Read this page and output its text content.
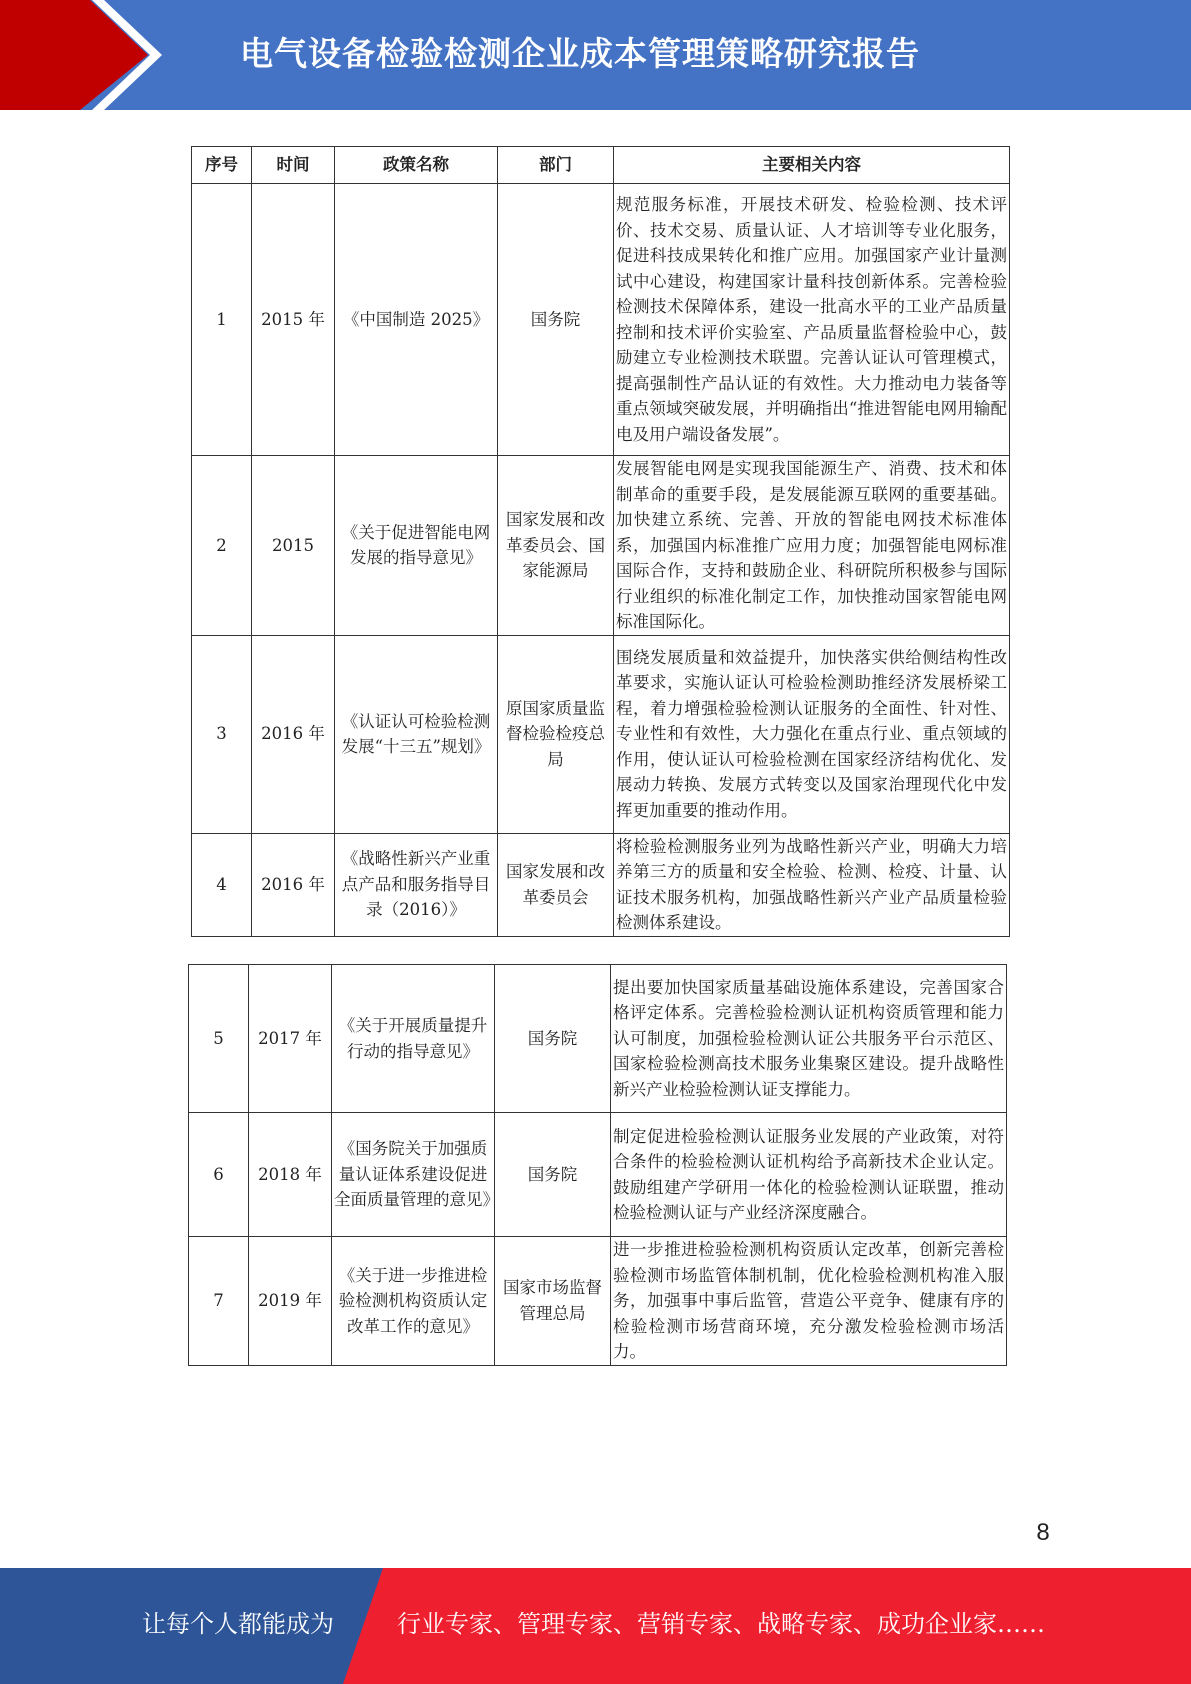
电气设备检验检测企业成本管理策略研究报告
序号	时间	政策名称	部门	主要相关内容
1	2015 年	《中国制造 2025》	国务院	规范服务标准，开展技术研发、检验检测、技术评价、技术交易、质量认证、人才培训等专业化服务，促进科技成果转化和推广应用。加强国家产业计量测试中心建设，构建国家计量科技创新体系。完善检验检测技术保障体系，建设一批高水平的工业产品质量控制和技术评价实验室、产品质量监督检验中心，鼓励建立专业检测技术联盟。完善认证认可管理模式，提高强制性产品认证的有效性。大力推动电力装备等重点领域突破发展，并明确指出“推进智能电网用输配电及用户端设备发展”。
2	2015	《关于促进智能电网发展的指导意见》	国家发展和改革委员会、国家能源局	发展智能电网是实现我国能源生产、消费、技术和体制革命的重要手段，是发展能源互联网的重要基础。加快建立系统、完善、开放的智能电网技术标准体系，加强国内标准推广应用力度；加强智能电网标准国际合作，支持和鼓励企业、科研院所积极参与国际行业组织的标准化制定工作，加快推动国家智能电网标准国际化。
3	2016 年	《认证认可检验检测发展“十三五”规划》	原国家质量监督检验检疫总局	围绕发展质量和效益提升，加快落实供给侧结构性改革要求，实施认证认可检验检测助推经济发展桥梁工程，着力增强检验检测认证服务的全面性、针对性、专业性和有效性，大力强化在重点行业、重点领域的作用，使认证认可检验检测在国家经济结构优化、发展动力转换、发展方式转变以及国家治理现代化中发挥更加重要的推动作用。
4	2016 年	《战略性新兴产业重点产品和服务指导目录（2016）》	国家发展和改革委员会	将检验检测服务业列为战略性新兴产业，明确大力培养第三方的质量和安全检验、检测、检疫、计量、认证技术服务机构，加强战略性新兴产业产品质量检验检测体系建设。
5	2017 年	《关于开展质量提升行动的指导意见》	国务院	提出要加快国家质量基础设施体系建设，完善国家合格评定体系。完善检验检测认证机构资质管理和能力认可制度，加强检验检测认证公共服务平台示范区、国家检验检测高技术服务业集聚区建设。提升战略性新兴产业检验检测认证支撑能力。
6	2018 年	《国务院关于加强质量认证体系建设促进全面质量管理的意见》	国务院	制定促进检验检测认证服务业发展的产业政策，对符合条件的检验检测认证机构给予高新技术企业认定。鼓励组建产学研用一体化的检验检测认证联盟，推动检验检测认证与产业经济深度融合。
7	2019 年	《关于进一步推进检验检测机构资质认定改革工作的意见》	国家市场监督管理总局	进一步推进检验检测机构资质认定改革，创新完善检验检测市场监管体制机制，优化检验检测机构准入服务，加强事中事后监管，营造公平竞争、健康有序的检验检测市场营商环境，充分激发检验检测市场活力。
8
让每个人都能成为	行业专家、管理专家、营销专家、战略专家、成功企业家……
